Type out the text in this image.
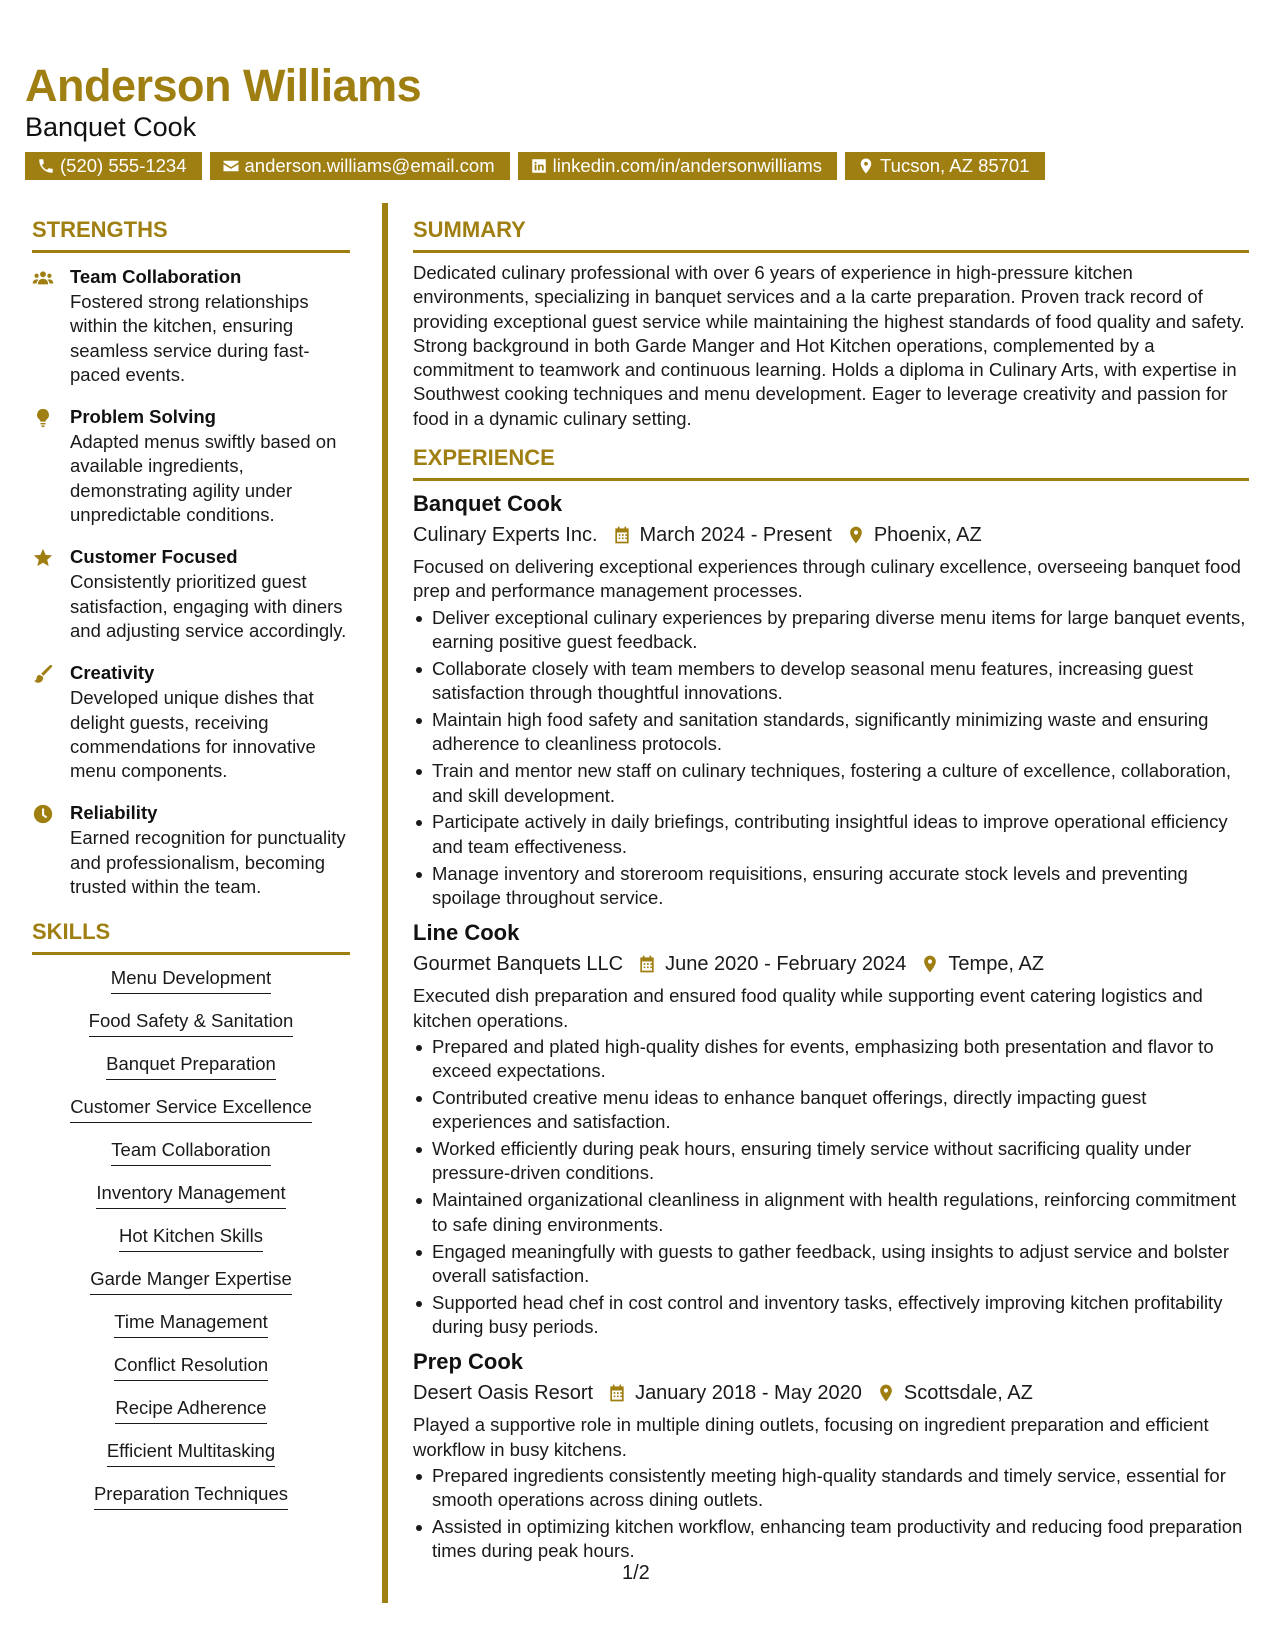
Anderson Williams
Banquet Cook
(520) 555-1234	anderson.williams@email.com	linkedin.com/in/andersonwilliams	Tucson, AZ 85701
STRENGTHS
Team Collaboration
Fostered strong relationships within the kitchen, ensuring seamless service during fast-paced events.
Problem Solving
Adapted menus swiftly based on available ingredients, demonstrating agility under unpredictable conditions.
Customer Focused
Consistently prioritized guest satisfaction, engaging with diners and adjusting service accordingly.
Creativity
Developed unique dishes that delight guests, receiving commendations for innovative menu components.
Reliability
Earned recognition for punctuality and professionalism, becoming trusted within the team.
SKILLS
Menu Development
Food Safety & Sanitation
Banquet Preparation
Customer Service Excellence
Team Collaboration
Inventory Management
Hot Kitchen Skills
Garde Manger Expertise
Time Management
Conflict Resolution
Recipe Adherence
Efficient Multitasking
Preparation Techniques
SUMMARY
Dedicated culinary professional with over 6 years of experience in high-pressure kitchen environments, specializing in banquet services and a la carte preparation. Proven track record of providing exceptional guest service while maintaining the highest standards of food quality and safety. Strong background in both Garde Manger and Hot Kitchen operations, complemented by a commitment to teamwork and continuous learning. Holds a diploma in Culinary Arts, with expertise in Southwest cooking techniques and menu development. Eager to leverage creativity and passion for food in a dynamic culinary setting.
EXPERIENCE
Banquet Cook
Culinary Experts Inc. March 2024 - Present Phoenix, AZ
Focused on delivering exceptional experiences through culinary excellence, overseeing banquet food prep and performance management processes.
Deliver exceptional culinary experiences by preparing diverse menu items for large banquet events, earning positive guest feedback.
Collaborate closely with team members to develop seasonal menu features, increasing guest satisfaction through thoughtful innovations.
Maintain high food safety and sanitation standards, significantly minimizing waste and ensuring adherence to cleanliness protocols.
Train and mentor new staff on culinary techniques, fostering a culture of excellence, collaboration, and skill development.
Participate actively in daily briefings, contributing insightful ideas to improve operational efficiency and team effectiveness.
Manage inventory and storeroom requisitions, ensuring accurate stock levels and preventing spoilage throughout service.
Line Cook
Gourmet Banquets LLC June 2020 - February 2024 Tempe, AZ
Executed dish preparation and ensured food quality while supporting event catering logistics and kitchen operations.
Prepared and plated high-quality dishes for events, emphasizing both presentation and flavor to exceed expectations.
Contributed creative menu ideas to enhance banquet offerings, directly impacting guest experiences and satisfaction.
Worked efficiently during peak hours, ensuring timely service without sacrificing quality under pressure-driven conditions.
Maintained organizational cleanliness in alignment with health regulations, reinforcing commitment to safe dining environments.
Engaged meaningfully with guests to gather feedback, using insights to adjust service and bolster overall satisfaction.
Supported head chef in cost control and inventory tasks, effectively improving kitchen profitability during busy periods.
Prep Cook
Desert Oasis Resort January 2018 - May 2020 Scottsdale, AZ
Played a supportive role in multiple dining outlets, focusing on ingredient preparation and efficient workflow in busy kitchens.
Prepared ingredients consistently meeting high-quality standards and timely service, essential for smooth operations across dining outlets.
Assisted in optimizing kitchen workflow, enhancing team productivity and reducing food preparation times during peak hours.
1/2
